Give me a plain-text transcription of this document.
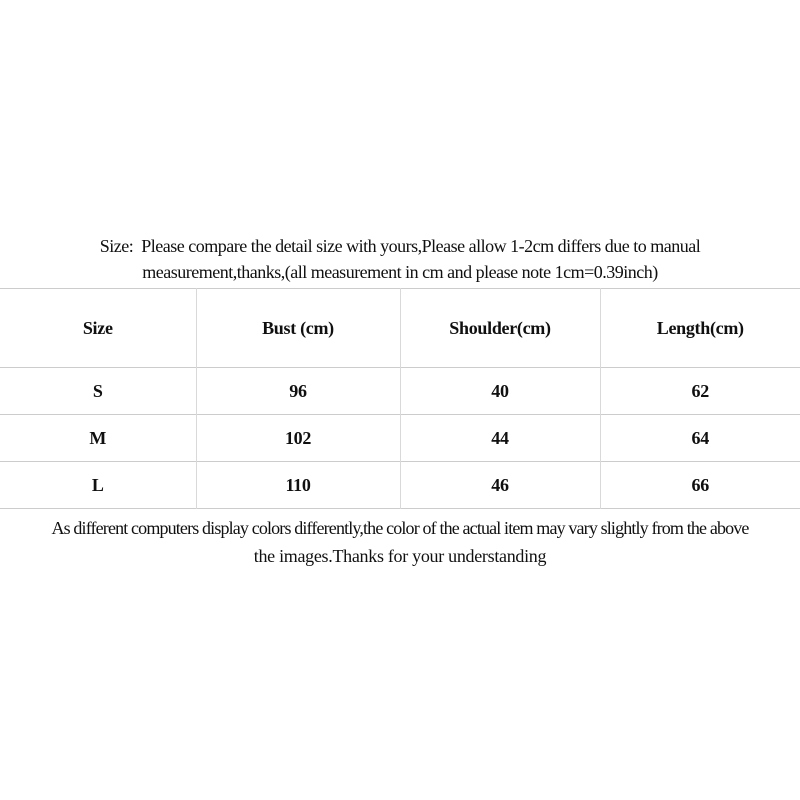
Size:  Please compare the detail size with yours,Please allow 1-2cm differs due to manual
measurement,thanks,(all measurement in cm and please note 1cm=0.39inch)
Size	Bust (cm)	Shoulder(cm)	Length(cm)
S	96	40	62
M	102	44	64
L	110	46	66
As different computers display colors differently,the color of the actual item may vary slightly from the above
the images.Thanks for your understanding
